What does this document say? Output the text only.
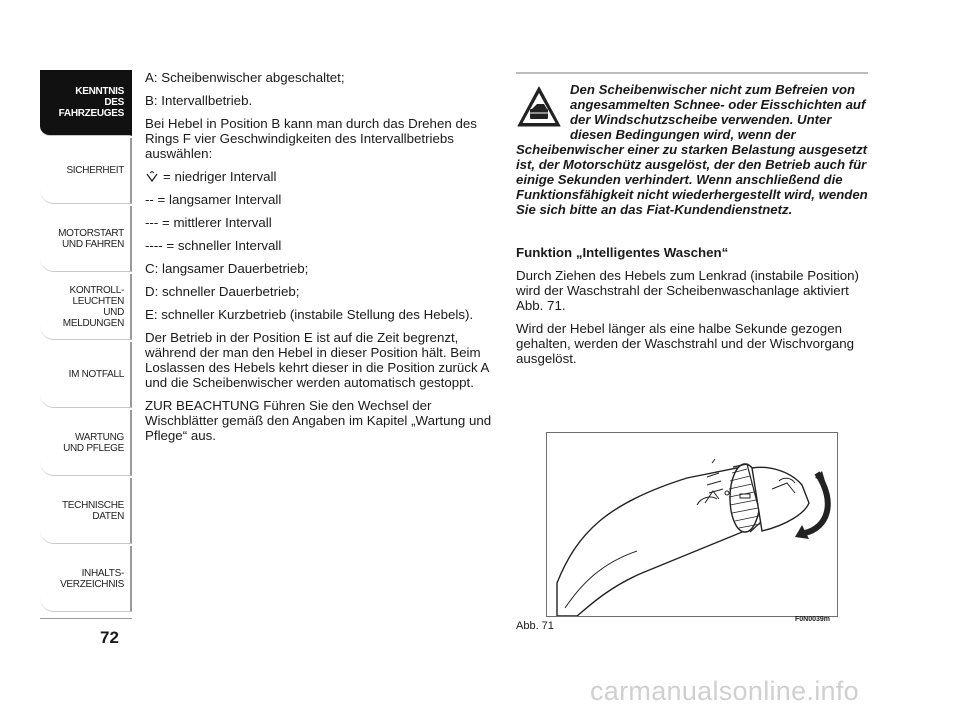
KENNTNIS
DES FAHRZEUGES
SICHERHEIT
MOTORSTART
UND FAHREN
KONTROLL-
LEUCHTEN
UND MELDUNGEN
IM NOTFALL
WARTUNG
UND PFLEGE
TECHNISCHE
DATEN
INHALTS-
VERZEICHNIS
72

A: Scheibenwischer abgeschaltet;

B: Intervallbetrieb.

Bei Hebel in Position B kann man durch das Drehen des Rings F vier Geschwindigkeiten des Intervallbetriebs auswählen:

= niedriger Intervall

-- = langsamer Intervall

--- = mittlerer Intervall

---- = schneller Intervall

C: langsamer Dauerbetrieb;

D: schneller Dauerbetrieb;

E: schneller Kurzbetrieb (instabile Stellung des Hebels).

Der Betrieb in der Position E ist auf die Zeit begrenzt, während der man den Hebel in dieser Position hält. Beim Loslassen des Hebels kehrt dieser in die Position zurück A und die Scheibenwischer werden automatisch gestoppt.

ZUR BEACHTUNG Führen Sie den Wechsel der Wischblätter gemäß den Angaben im Kapitel „Wartung und Pflege“ aus.

Den Scheibenwischer nicht zum Befreien von angesammelten Schnee- oder Eisschichten auf der Windschutzscheibe verwenden. Unter diesen Bedingungen wird, wenn der Scheibenwischer einer zu starken Belastung ausgesetzt ist, der Motorschütz ausgelöst, der den Betrieb auch für einige Sekunden verhindert. Wenn anschließend die Funktionsfähigkeit nicht wiederhergestellt wird, wenden Sie sich bitte an das Fiat-Kundendienstnetz.

Funktion „Intelligentes Waschen“

Durch Ziehen des Hebels zum Lenkrad (instabile Position) wird der Waschstrahl der Scheibenwaschanlage aktiviert Abb. 71.

Wird der Hebel länger als eine halbe Sekunde gezogen gehalten, werden der Waschstrahl und der Wischvorgang ausgelöst.

Abb. 71
F0N0039m
carmanualsonline.info
